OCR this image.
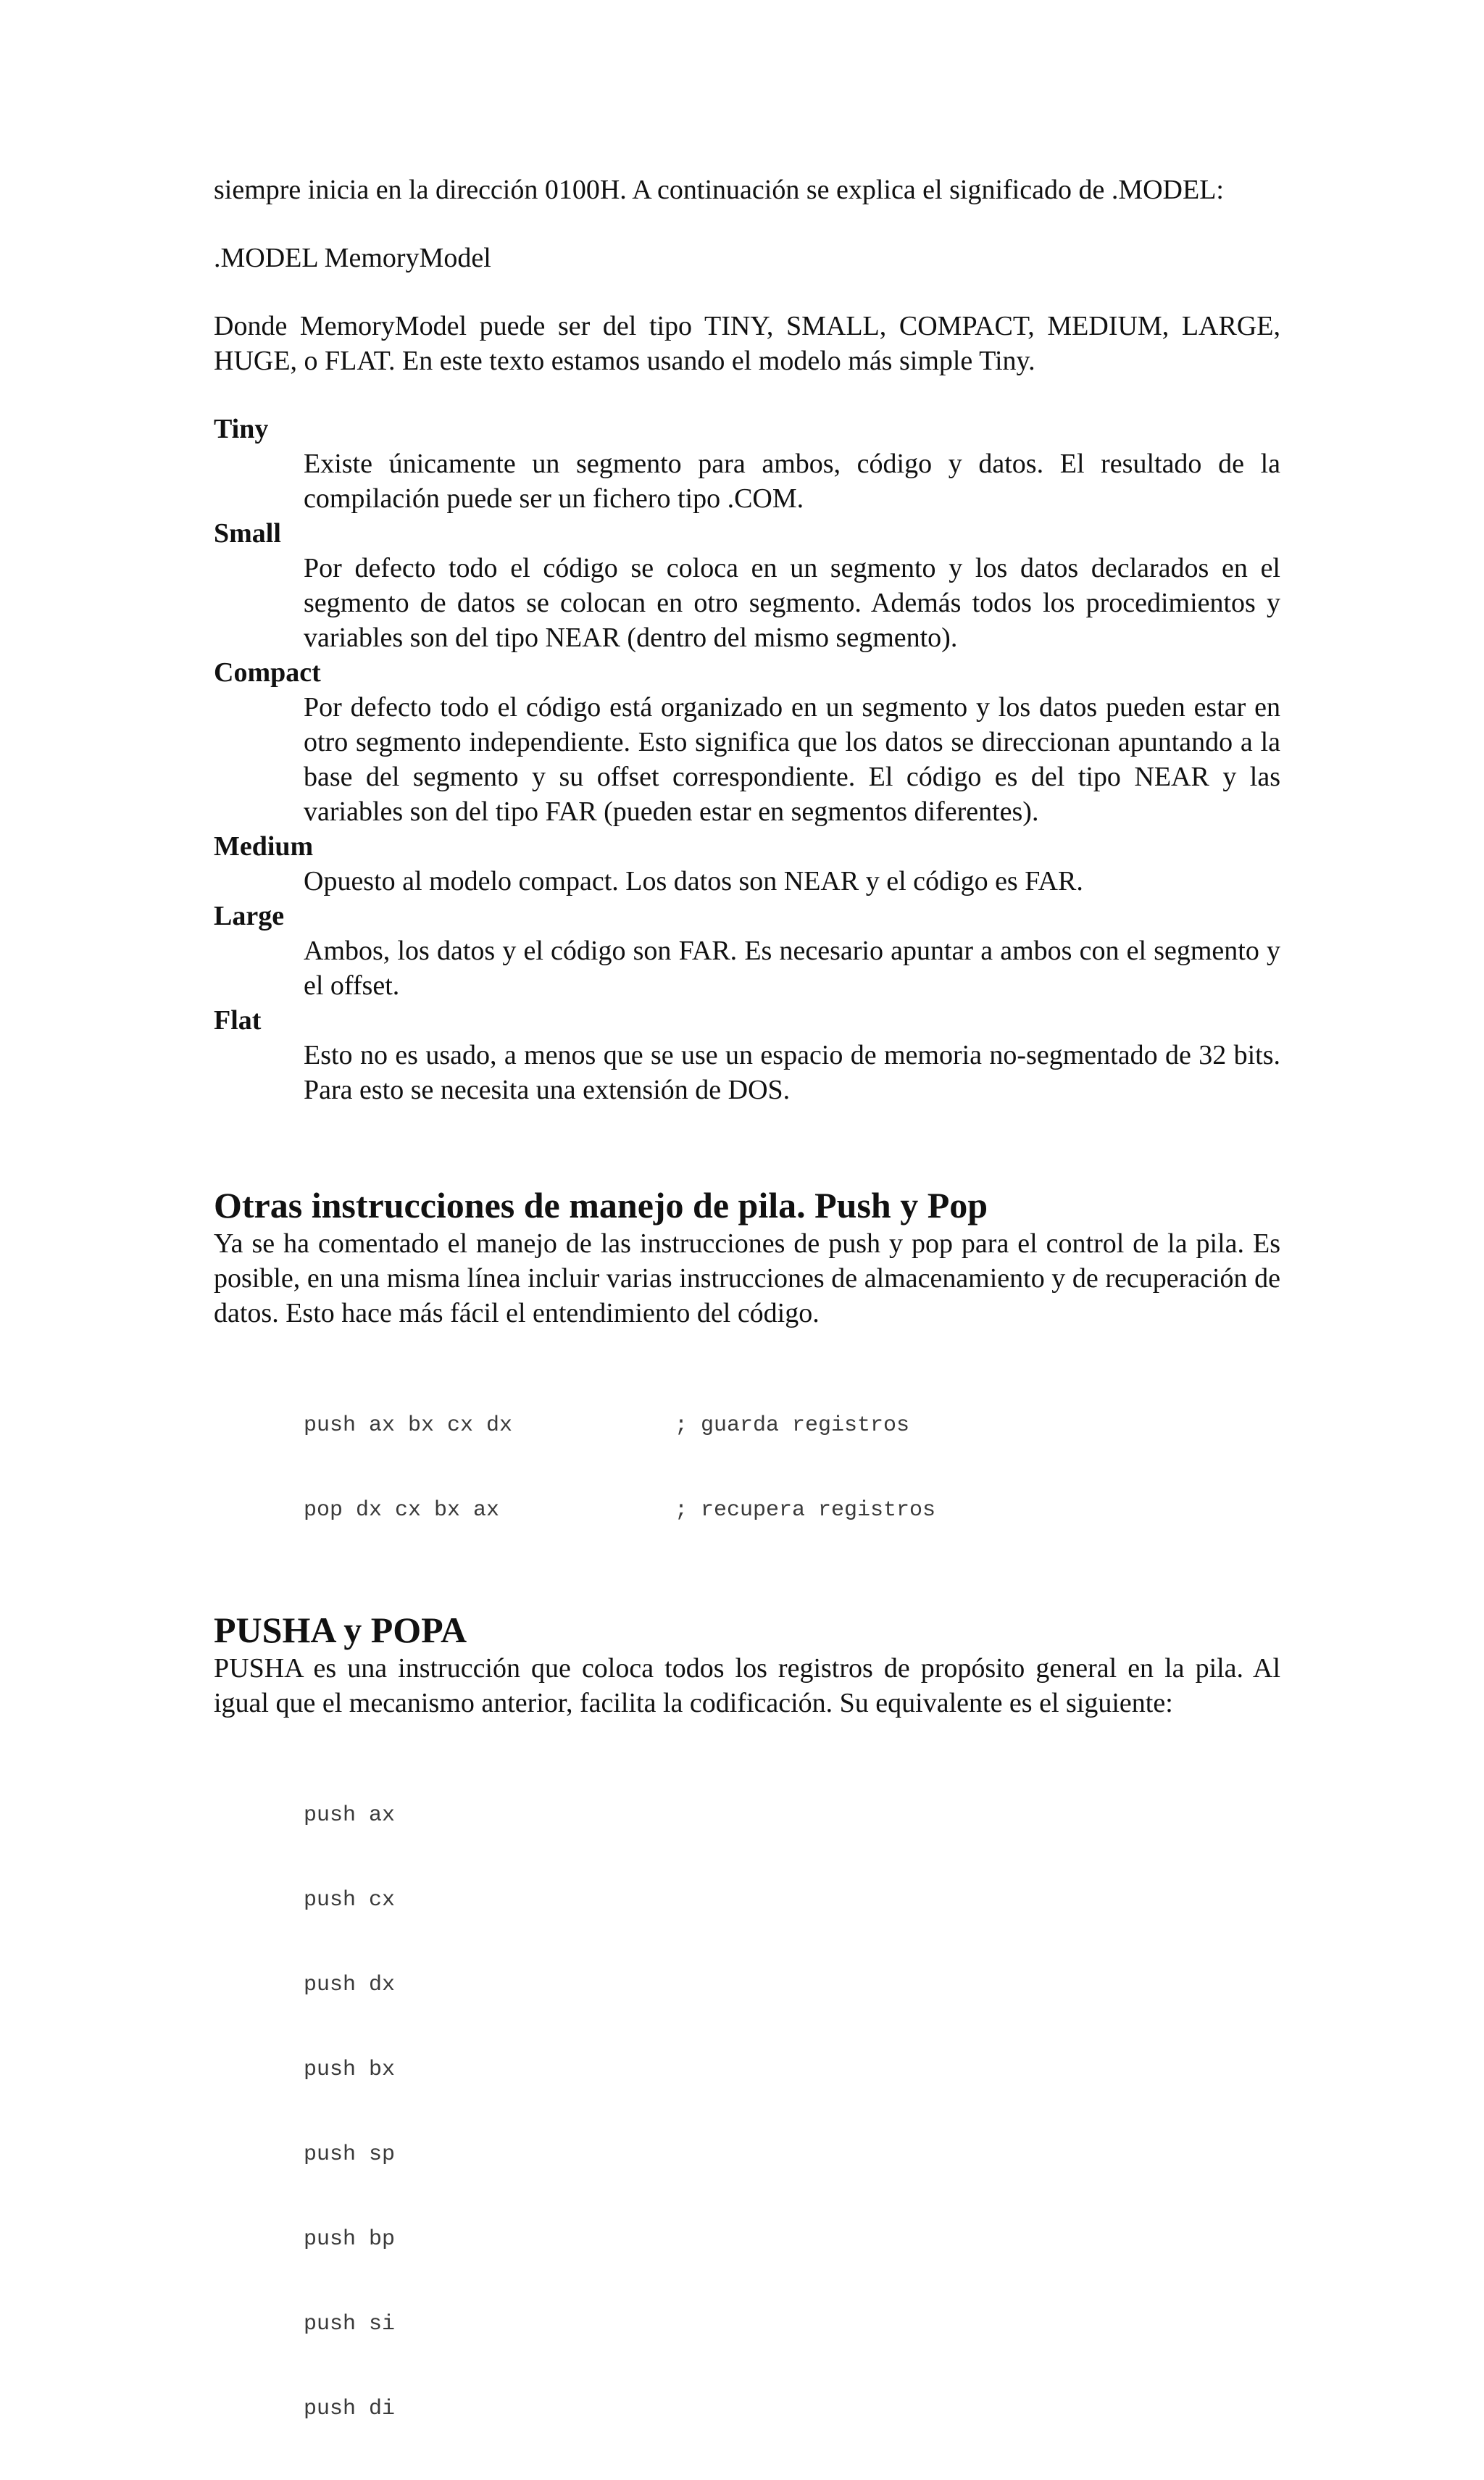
siempre inicia en la dirección 0100H. A continuación se explica el significado de .MODEL:

.MODEL MemoryModel

Donde MemoryModel puede ser del tipo TINY, SMALL, COMPACT, MEDIUM, LARGE, HUGE, o FLAT. En este texto estamos usando el modelo más simple Tiny.

Tiny
Existe únicamente un segmento para ambos, código y datos. El resultado de la compilación puede ser un fichero tipo .COM.
Small
Por defecto todo el código se coloca en un segmento y los datos declarados en el segmento de datos se colocan en otro segmento. Además todos los procedimientos y variables son del tipo NEAR (dentro del mismo segmento).
Compact
Por defecto todo el código está organizado en un segmento y los datos pueden estar en otro segmento independiente. Esto significa que los datos se direccionan apuntando a la base del segmento y su offset correspondiente. El código es del tipo NEAR y las variables son del tipo FAR (pueden estar en segmentos diferentes).
Medium
Opuesto al modelo compact. Los datos son NEAR y el código es FAR.
Large
Ambos, los datos y el código son FAR. Es necesario apuntar a ambos con el segmento y el offset.
Flat
Esto no es usado, a menos que se use un espacio de memoria no-segmentado de 32 bits. Para esto se necesita una extensión de DOS.
Otras instrucciones de manejo de pila. Push y Pop

Ya se ha comentado el manejo de las instrucciones de push y pop para el control de la pila. Es posible, en una misma línea incluir varias instrucciones de almacenamiento y de recuperación de datos. Esto hace más fácil el entendimiento del código.

push ax bx cx dx	; guarda registros

pop dx cx bx ax	; recupera registros

PUSHA y POPA

PUSHA es una instrucción que coloca todos los registros de propósito general en la pila. Al igual que el mecanismo anterior, facilita la codificación. Su equivalente es el siguiente:

push ax

push cx

push dx

push bx

push sp

push bp

push si

push di
